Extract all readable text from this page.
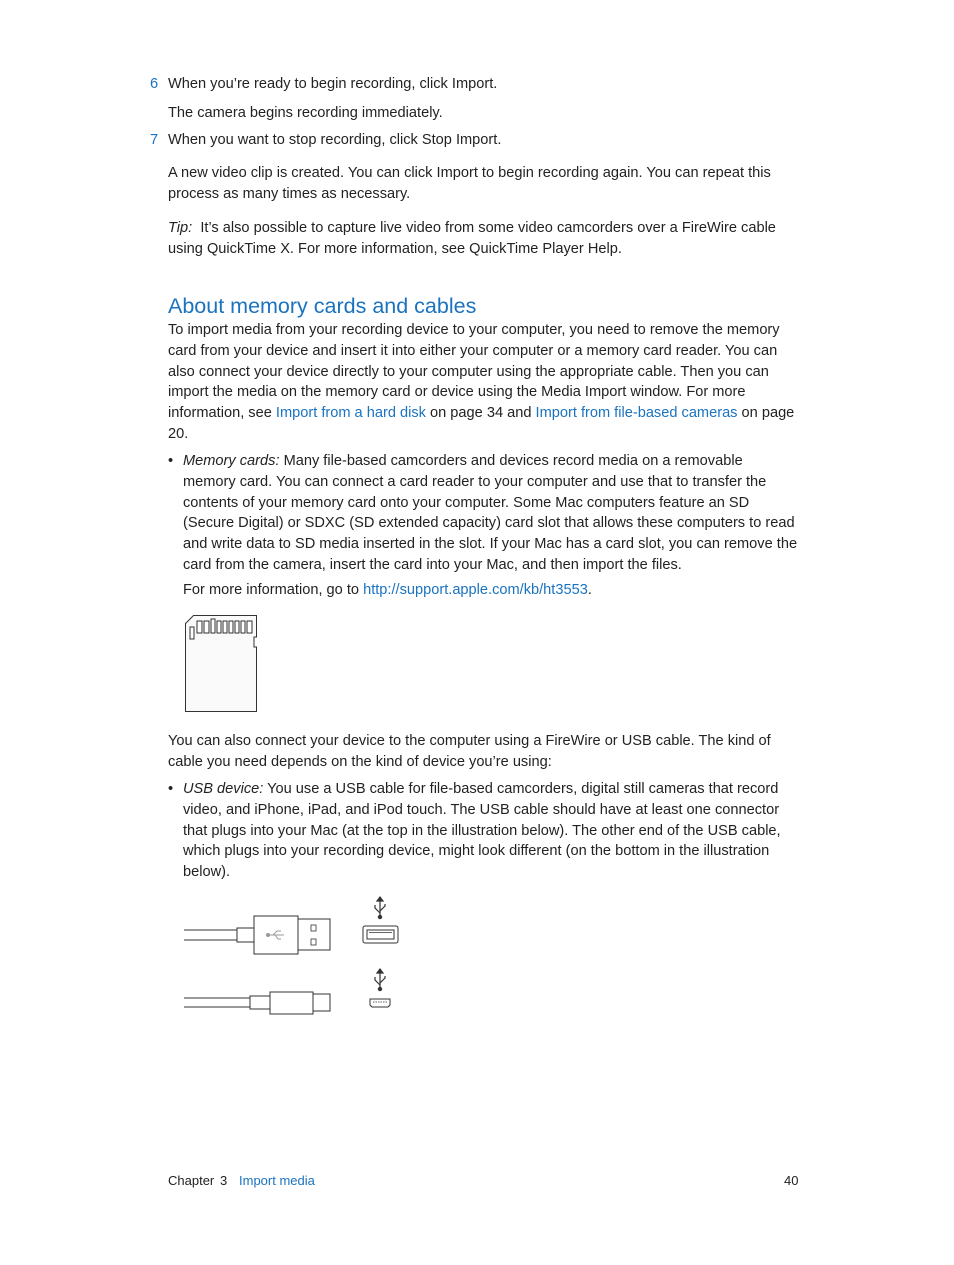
6 When you’re ready to begin recording, click Import.

The camera begins recording immediately.

7 When you want to stop recording, click Stop Import.

A new video clip is created. You can click Import to begin recording again. You can repeat this process as many times as necessary.

Tip: It’s also possible to capture live video from some video camcorders over a FireWire cable using QuickTime X. For more information, see QuickTime Player Help.

About memory cards and cables

To import media from your recording device to your computer, you need to remove the memory card from your device and insert it into either your computer or a memory card reader. You can also connect your device directly to your computer using the appropriate cable. Then you can import the media on the memory card or device using the Media Import window. For more information, see Import from a hard disk on page 34 and Import from file-based cameras on page 20.

• Memory cards: Many file-based camcorders and devices record media on a removable memory card. You can connect a card reader to your computer and use that to transfer the contents of your memory card onto your computer. Some Mac computers feature an SD (Secure Digital) or SDXC (SD extended capacity) card slot that allows these computers to read and write data to SD media inserted in the slot. If your Mac has a card slot, you can remove the card from the camera, insert the card into your Mac, and then import the files.

For more information, go to http://support.apple.com/kb/ht3553.

You can also connect your device to the computer using a FireWire or USB cable. The kind of cable you need depends on the kind of device you’re using:

• USB device: You use a USB cable for file-based camcorders, digital still cameras that record video, and iPhone, iPad, and iPod touch. The USB cable should have at least one connector that plugs into your Mac (at the top in the illustration below). The other end of the USB cable, which plugs into your recording device, might look different (on the bottom in the illustration below).

Chapter 3 Import media	40
